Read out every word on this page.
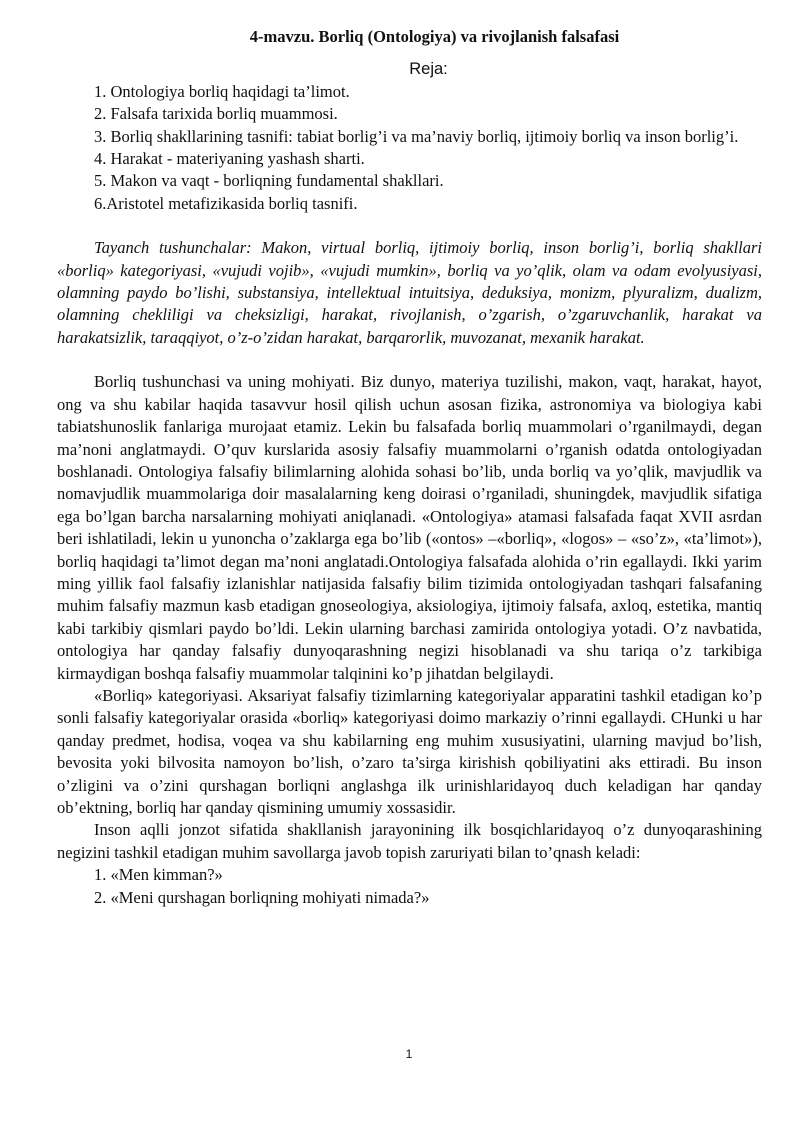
4-mavzu. Borliq (Ontologiya) va rivojlanish falsafasi
Reja:
1. Ontologiya borliq haqidagi ta’limot.
2. Falsafa tarixida borliq muammosi.
3. Borliq shakllarining tasnifi: tabiat borlig’i va ma’naviy borliq, ijtimoiy borliq va inson borlig’i.
4. Harakat - materiyaning yashash sharti.
5. Makon va vaqt - borliqning fundamental shakllari.
6.Aristotel metafizikasida borliq tasnifi.

Tayanch tushunchalar: Makon, virtual borliq, ijtimoiy borliq, inson borlig’i, borliq shakllari «borliq» kategoriyasi, «vujudi vojib», «vujudi mumkin», borliq va yo’qlik, olam va odam evolyusiyasi, olamning paydo bo’lishi, substansiya, intellektual intuitsiya, deduksiya, monizm, plyuralizm, dualizm, olamning chekliligi va cheksizligi, harakat, rivojlanish, o’zgarish, o’zgaruvchanlik, harakat va harakatsizlik, taraqqiyot, o’z-o’zidan harakat, barqarorlik, muvozanat, mexanik harakat.

Borliq tushunchasi va uning mohiyati. Biz dunyo, materiya tuzilishi, makon, vaqt, harakat, hayot, ong va shu kabilar haqida tasavvur hosil qilish uchun asosan fizika, astronomiya va biologiya kabi tabiatshunoslik fanlariga murojaat etamiz. Lekin bu falsafada borliq muammolari o’rganilmaydi, degan ma’noni anglatmaydi. O’quv kurslarida asosiy falsafiy muammolarni o’rganish odatda ontologiyadan boshlanadi. Ontologiya falsafiy bilimlarning alohida sohasi bo’lib, unda borliq va yo’qlik, mavjudlik va nomavjudlik muammolariga doir masalalarning keng doirasi o’rganiladi, shuningdek, mavjudlik sifatiga ega bo’lgan barcha narsalarning mohiyati aniqlanadi. «Ontologiya» atamasi falsafada faqat XVII asrdan beri ishlatiladi, lekin u yunoncha o’zaklarga ega bo’lib («ontos» –«borliq», «logos» – «so’z», «ta’limot»), borliq haqidagi ta’limot degan ma’noni anglatadi.Ontologiya falsafada alohida o’rin egallaydi. Ikki yarim ming yillik faol falsafiy izlanishlar natijasida falsafiy bilim tizimida ontologiyadan tashqari falsafaning muhim falsafiy mazmun kasb etadigan gnoseologiya, aksiologiya, ijtimoiy falsafa, axloq, estetika, mantiq kabi tarkibiy qismlari paydo bo’ldi. Lekin ularning barchasi zamirida ontologiya yotadi. O’z navbatida, ontologiya har qanday falsafiy dunyoqarashning negizi hisoblanadi va shu tariqa o’z tarkibiga kirmaydigan boshqa falsafiy muammolar talqinini ko’p jihatdan belgilaydi.

«Borliq» kategoriyasi. Aksariyat falsafiy tizimlarning kategoriyalar apparatini tashkil etadigan ko’p sonli falsafiy kategoriyalar orasida «borliq» kategoriyasi doimo markaziy o’rinni egallaydi. CHunki u har qanday predmet, hodisa, voqea va shu kabilarning eng muhim xususiyatini, ularning mavjud bo’lish, bevosita yoki bilvosita namoyon bo’lish, o’zaro ta’sirga kirishish qobiliyatini aks ettiradi. Bu inson o’zligini va o’zini qurshagan borliqni anglashga ilk urinishlaridayoq duch keladigan har qanday ob’ektning, borliq har qanday qismining umumiy xossasidir.

Inson aqlli jonzot sifatida shakllanish jarayonining ilk bosqichlaridayoq o’z dunyoqarashining negizini tashkil etadigan muhim savollarga javob topish zaruriyati bilan to’qnash keladi:

1. «Men kimman?»
2. «Meni qurshagan borliqning mohiyati nimada?»
1
